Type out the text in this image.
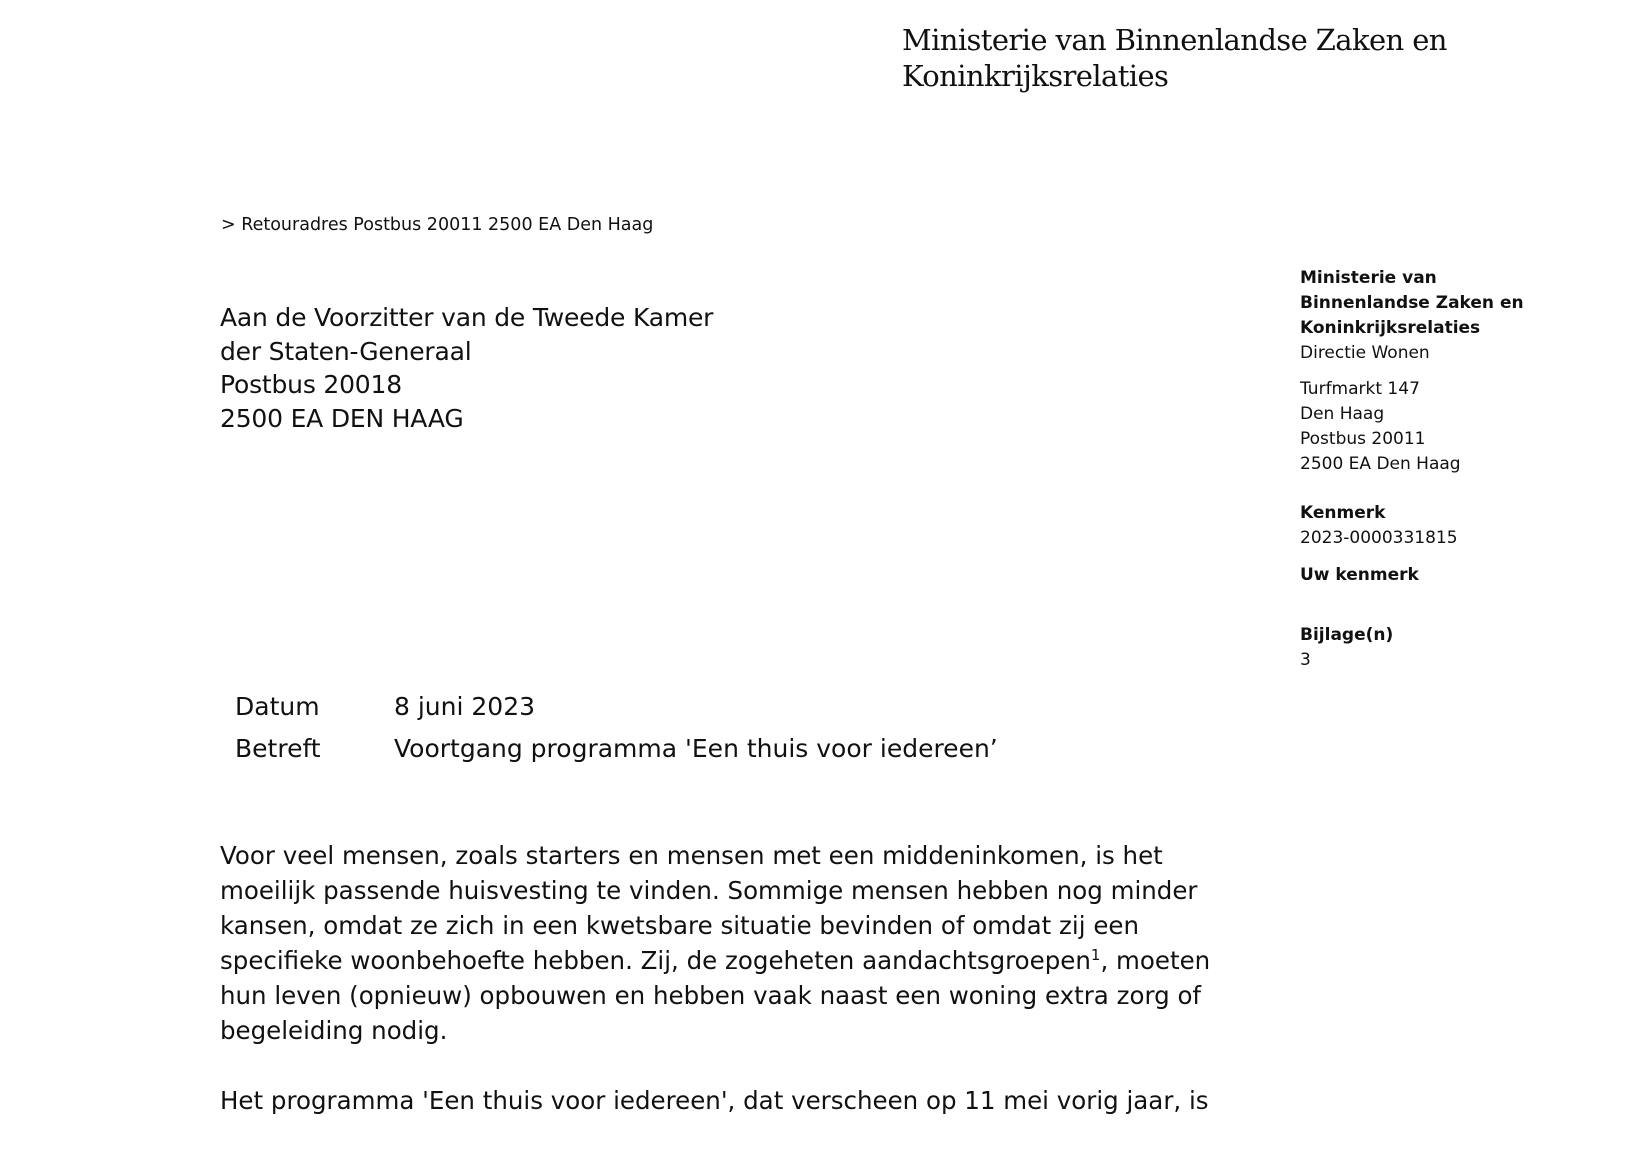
Ministerie van Binnenlandse Zaken en
Koninkrijksrelaties
> Retouradres Postbus 20011 2500 EA Den Haag
Aan de Voorzitter van de Tweede Kamer
der Staten-Generaal
Postbus 20018
2500 EA DEN HAAG
Ministerie van
Binnenlandse Zaken en
Koninkrijksrelaties
Directie Wonen
Turfmarkt 147
Den Haag
Postbus 20011
2500 EA Den Haag
Kenmerk
2023-0000331815
Uw kenmerk
Bijlage(n)
3
Datum	8 juni 2023
Betreft	Voortgang programma 'Een thuis voor iedereen’
Voor veel mensen, zoals starters en mensen met een middeninkomen, is het
moeilijk passende huisvesting te vinden. Sommige mensen hebben nog minder
kansen, omdat ze zich in een kwetsbare situatie bevinden of omdat zij een
specifieke woonbehoefte hebben. Zij, de zogeheten aandachtsgroepen$^1$, moeten
hun leven (opnieuw) opbouwen en hebben vaak naast een woning extra zorg of
begeleiding nodig.
Het programma 'Een thuis voor iedereen', dat verscheen op 11 mei vorig jaar, is
